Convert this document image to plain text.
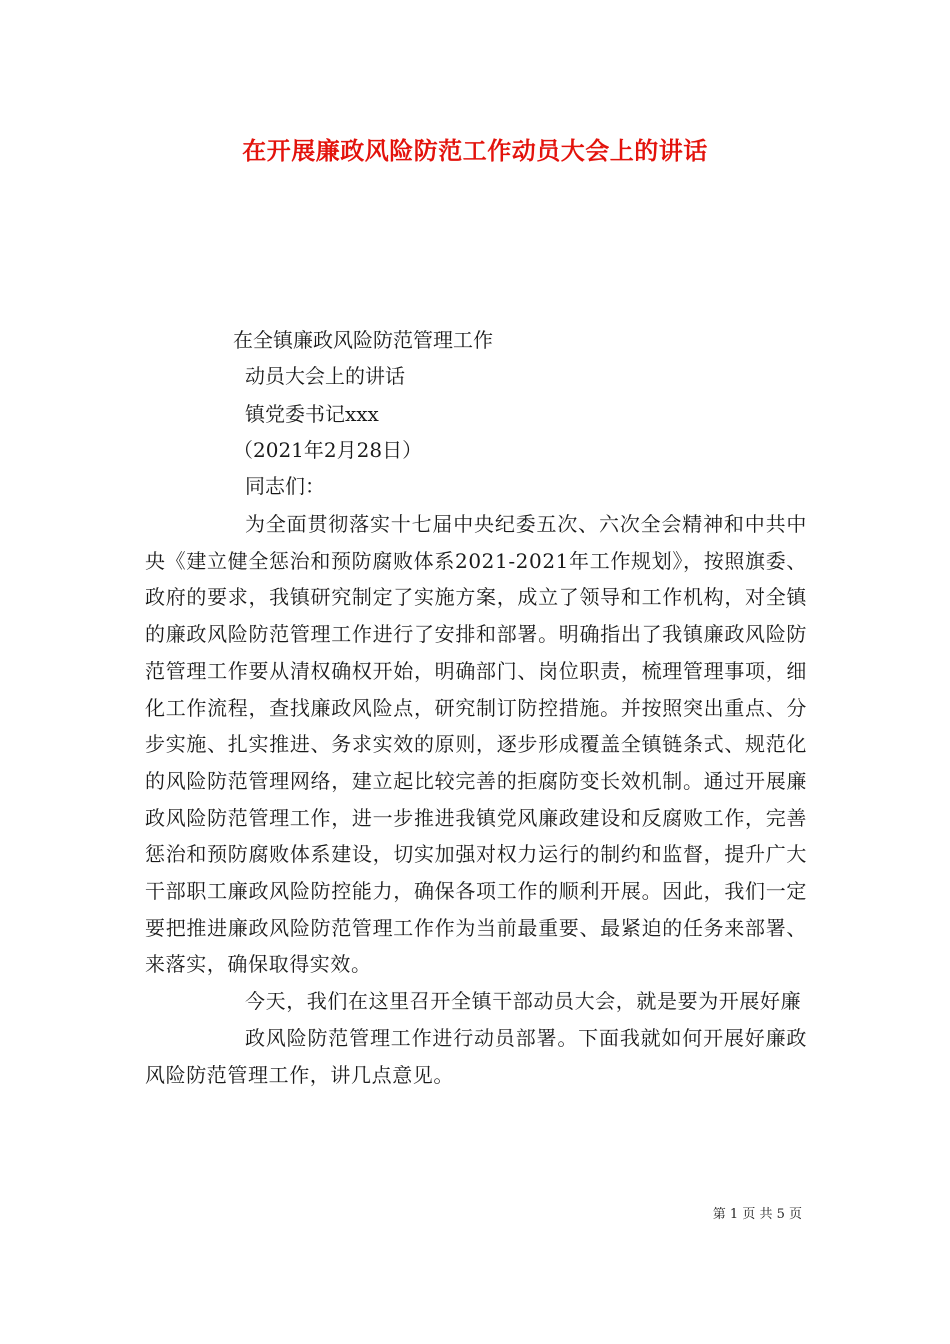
在开展廉政风险防范工作动员大会上的讲话
在全镇廉政风险防范管理工作
动员大会上的讲话
镇党委书记xxx
（2021年2月28日）
同志们：

为全面贯彻落实十七届中央纪委五次、六次全会精神和中共中央《建立健全惩治和预防腐败体系2021-2021年工作规划》，按照旗委、政府的要求，我镇研究制定了实施方案，成立了领导和工作机构，对全镇的廉政风险防范管理工作进行了安排和部署。明确指出了我镇廉政风险防范管理工作要从清权确权开始，明确部门、岗位职责，梳理管理事项，细化工作流程，查找廉政风险点，研究制订防控措施。并按照突出重点、分步实施、扎实推进、务求实效的原则，逐步形成覆盖全镇链条式、规范化的风险防范管理网络，建立起比较完善的拒腐防变长效机制。通过开展廉政风险防范管理工作，进一步推进我镇党风廉政建设和反腐败工作，完善惩治和预防腐败体系建设，切实加强对权力运行的制约和监督，提升广大干部职工廉政风险防控能力，确保各项工作的顺利开展。因此，我们一定要把推进廉政风险防范管理工作作为当前最重要、最紧迫的任务来部署、来落实，确保取得实效。

今天，我们在这里召开全镇干部动员大会，就是要为开展好廉

政风险防范管理工作进行动员部署。下面我就如何开展好廉政风险防范管理工作，讲几点意见。

第 1 页 共 5 页
